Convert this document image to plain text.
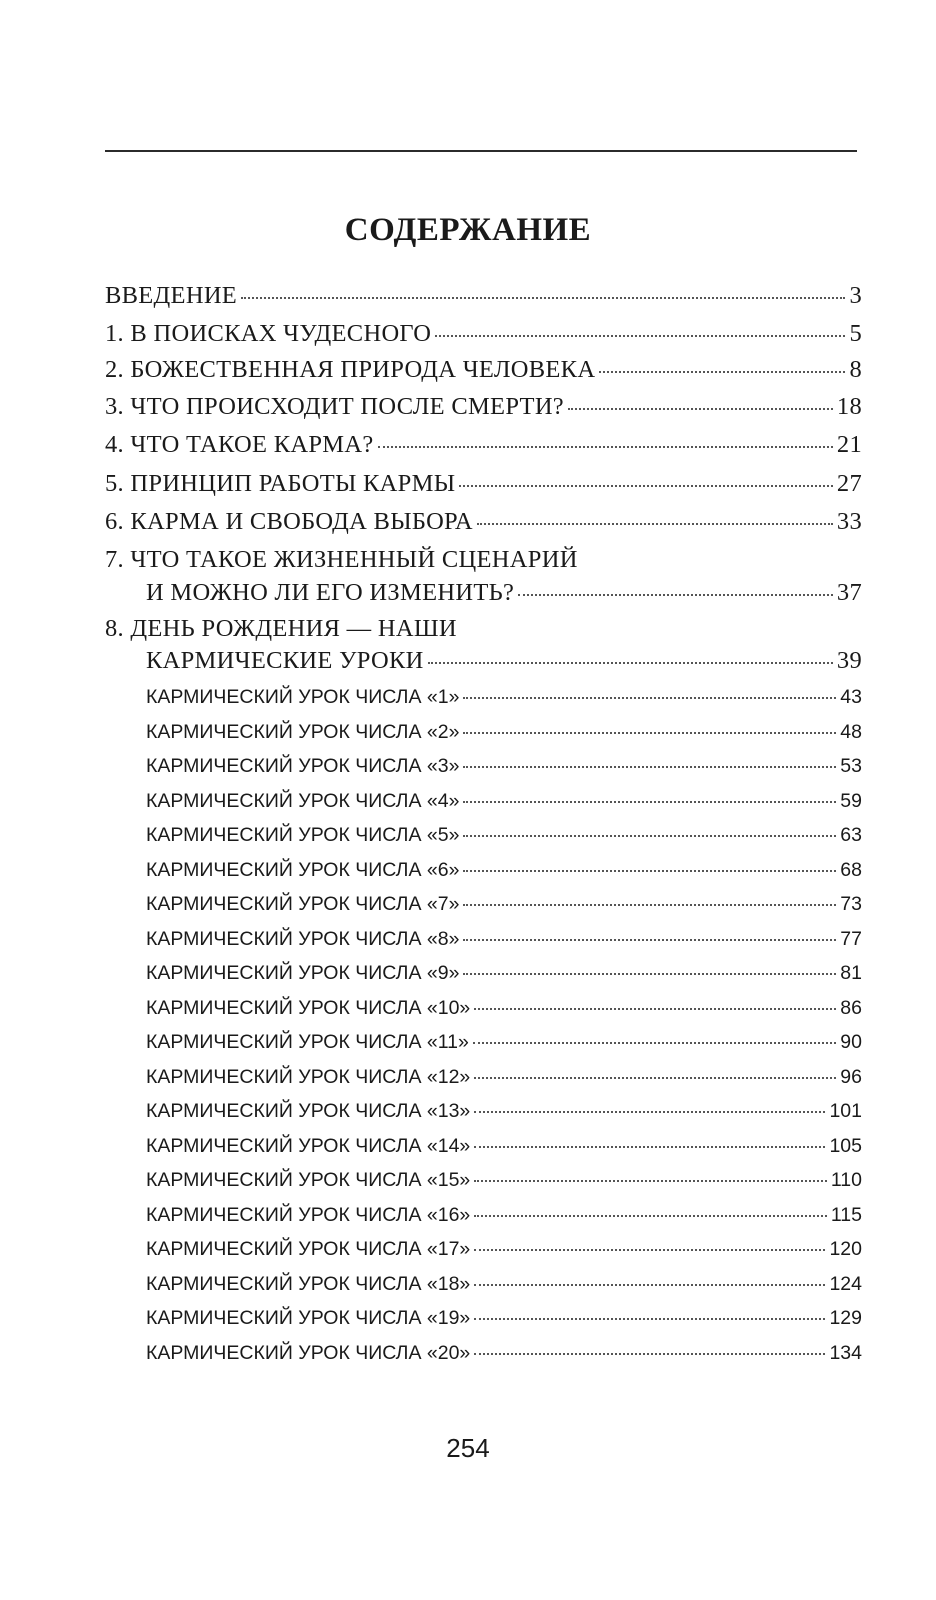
СОДЕРЖАНИЕ
ВВЕДЕНИЕ	3
1. В ПОИСКАХ ЧУДЕСНОГО	5
2. БОЖЕСТВЕННАЯ ПРИРОДА ЧЕЛОВЕКА	8
3. ЧТО ПРОИСХОДИТ ПОСЛЕ СМЕРТИ?	18
4. ЧТО ТАКОЕ КАРМА?	21
5. ПРИНЦИП РАБОТЫ КАРМЫ	27
6. КАРМА И СВОБОДА ВЫБОРА	33
7. ЧТО ТАКОЕ ЖИЗНЕННЫЙ СЦЕНАРИЙ
И МОЖНО ЛИ ЕГО ИЗМЕНИТЬ?	37
8. ДЕНЬ РОЖДЕНИЯ — НАШИ
КАРМИЧЕСКИЕ УРОКИ	39
КАРМИЧЕСКИЙ УРОК ЧИСЛА «1»	43
КАРМИЧЕСКИЙ УРОК ЧИСЛА «2»	48
КАРМИЧЕСКИЙ УРОК ЧИСЛА «3»	53
КАРМИЧЕСКИЙ УРОК ЧИСЛА «4»	59
КАРМИЧЕСКИЙ УРОК ЧИСЛА «5»	63
КАРМИЧЕСКИЙ УРОК ЧИСЛА «6»	68
КАРМИЧЕСКИЙ УРОК ЧИСЛА «7»	73
КАРМИЧЕСКИЙ УРОК ЧИСЛА «8»	77
КАРМИЧЕСКИЙ УРОК ЧИСЛА «9»	81
КАРМИЧЕСКИЙ УРОК ЧИСЛА «10»	86
КАРМИЧЕСКИЙ УРОК ЧИСЛА «11»	90
КАРМИЧЕСКИЙ УРОК ЧИСЛА «12»	96
КАРМИЧЕСКИЙ УРОК ЧИСЛА «13»	101
КАРМИЧЕСКИЙ УРОК ЧИСЛА «14»	105
КАРМИЧЕСКИЙ УРОК ЧИСЛА «15»	110
КАРМИЧЕСКИЙ УРОК ЧИСЛА «16»	115
КАРМИЧЕСКИЙ УРОК ЧИСЛА «17»	120
КАРМИЧЕСКИЙ УРОК ЧИСЛА «18»	124
КАРМИЧЕСКИЙ УРОК ЧИСЛА «19»	129
КАРМИЧЕСКИЙ УРОК ЧИСЛА «20»	134
254
